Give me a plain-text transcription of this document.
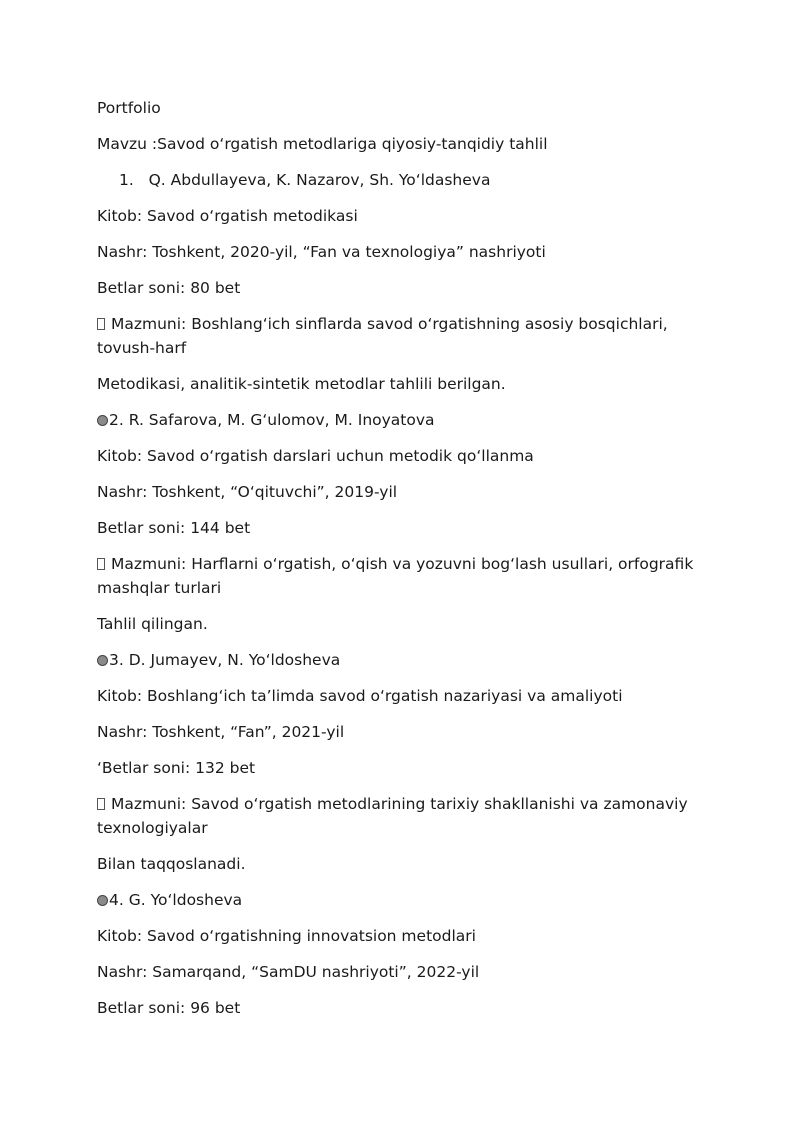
Portfolio

Mavzu :Savod o‘rgatish metodlariga qiyosiy-tanqidiy tahlil

1. Q. Abdullayeva, K. Nazarov, Sh. Yo‘ldasheva

Kitob: Savod o‘rgatish metodikasi

Nashr: Toshkent, 2020-yil, “Fan va texnologiya” nashriyoti

Betlar soni: 80 bet

Mazmuni: Boshlang‘ich sinflarda savod o‘rgatishning asosiy bosqichlari, tovush-harf

Metodikasi, analitik-sintetik metodlar tahlili berilgan.

2. R. Safarova, M. G‘ulomov, M. Inoyatova

Kitob: Savod o‘rgatish darslari uchun metodik qo‘llanma

Nashr: Toshkent, “O‘qituvchi”, 2019-yil

Betlar soni: 144 bet

Mazmuni: Harflarni o‘rgatish, o‘qish va yozuvni bog‘lash usullari, orfografik mashqlar turlari

Tahlil qilingan.

3. D. Jumayev, N. Yo‘ldosheva

Kitob: Boshlang‘ich ta’limda savod o‘rgatish nazariyasi va amaliyoti

Nashr: Toshkent, “Fan”, 2021-yil

‘Betlar soni: 132 bet

Mazmuni: Savod o‘rgatish metodlarining tarixiy shakllanishi va zamonaviy texnologiyalar

Bilan taqqoslanadi.

4. G. Yo‘ldosheva

Kitob: Savod o‘rgatishning innovatsion metodlari

Nashr: Samarqand, “SamDU nashriyoti”, 2022-yil

Betlar soni: 96 bet
